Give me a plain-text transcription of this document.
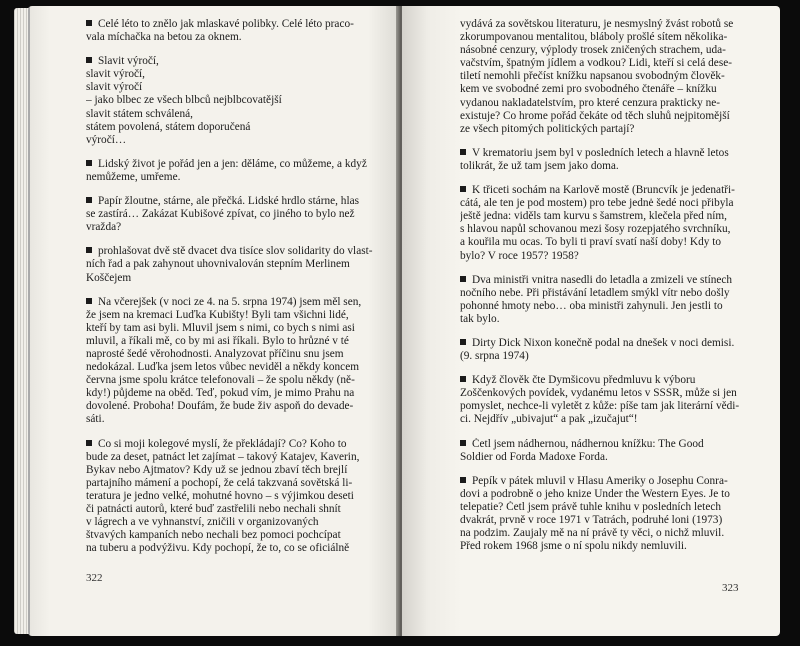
Celé léto to znělo jak mlaskavé polibky. Celé léto praco-
vala míchačka na betou za oknem.
Slavit výročí,
slavit výročí,
slavit výročí
– jako blbec ze všech blbců nejblbcovatější
slavit státem schválená,
státem povolená, státem doporučená
výročí…
Lidský život je pořád jen a jen: děláme, co můžeme, a když
nemůžeme, umřeme.
Papír žloutne, stárne, ale přečká. Lidské hrdlo stárne, hlas
se zastírá… Zakázat Kubišové zpívat, co jiného to bylo než
vražda?
prohlašovat dvě stě dvacet dva tisíce slov solidarity do vlast-
ních řad a pak zahynout uhovnivalován stepním Merlinem
Koščejem
Na včerejšek (v noci ze 4. na 5. srpna 1974) jsem měl sen,
že jsem na kremaci Luďka Kubišty! Byli tam všichni lidé,
kteří by tam asi byli. Mluvil jsem s nimi, co bych s nimi asi
mluvil, a říkali mě, co by mi asi říkali. Bylo to hrůzné v té
naprosté šedé věrohodnosti. Analyzovat příčinu snu jsem
nedokázal. Luďka jsem letos vůbec neviděl a někdy koncem
června jsme spolu krátce telefonovali – že spolu někdy (ně-
kdy!) půjdeme na oběd. Teď, pokud vím, je mimo Prahu na
dovolené. Proboha! Doufám, že bude živ aspoň do devade-
sáti.
Co si moji kolegové myslí, že překládají? Co? Koho to
bude za deset, patnáct let zajímat – takový Katajev, Kaverin,
Bykav nebo Ajtmatov? Kdy už se jednou zbaví těch brejlí
partajního mámení a pochopí, že celá takzvaná sovětská li-
teratura je jedno velké, mohutné hovno – s výjimkou deseti
či patnácti autorů, které buď zastřelili nebo nechali shnít
v lágrech a ve vyhnanství, zničili v organizovaných
štvavých kampaních nebo nechali bez pomoci pochcípat
na tuberu a podvýživu. Kdy pochopí, že to, co se oficiálně
322
vydává za sovětskou literaturu, je nesmyslný žvást robotů se
zkorumpovanou mentalitou, bláboly prošlé sítem několika-
násobné cenzury, výplody trosek zničených strachem, uda-
vačstvím, špatným jídlem a vodkou? Lidi, kteří si celá dese-
tiletí nemohli přečíst knížku napsanou svobodným člověk-
kem ve svobodné zemi pro svobodného čtenáře – knížku
vydanou nakladatelstvím, pro které cenzura prakticky ne-
existuje? Co hrome pořád čekáte od těch sluhů nejpitomější
ze všech pitomých politických partají?
V krematoriu jsem byl v posledních letech a hlavně letos
tolikrát, že už tam jsem jako doma.
K třiceti sochám na Karlově mostě (Bruncvík je jedenatři-
cátá, ale ten je pod mostem) pro tebe jednė šedé noci přibyla
ještě jedna: viděls tam kurvu s šamstrem, klečela před ním,
s hlavou napůl schovanou mezi šosy rozepjatého svrchníku,
a kouřila mu ocas. To byli ti praví svatí naší doby! Kdy to
bylo? V roce 1957? 1958?
Dva ministři vnitra nasedli do letadla a zmizeli ve stínech
nočního nebe. Při přistávání letadlem smýkl vítr nebo došly
pohonné hmoty nebo… oba ministři zahynuli. Jen jestli to
tak bylo.
Dirty Dick Nixon konečně podal na dnešek v noci demisi.
(9. srpna 1974)
Když člověk čte Dymšicovu předmluvu k výboru
Zoščenkových povídek, vydanému letos v SSSR, může si jen
pomyslet, nechce-li vyletět z kůže: píše tam jak literární vědi-
ci. Nejdřív „ubivajut“ a pak „izučajut“!
Četl jsem nádhernou, nádhernou knížku: The Good
Soldier od Forda Madoxe Forda.
Pepík v pátek mluvil v Hlasu Ameriky o Josephu Conra-
dovi a podrobně o jeho knize Under the Western Eyes. Je to
telepatie? Četl jsem právě tuhle knihu v posledních letech
dvakrát, prvně v roce 1971 v Tatrách, podruhé loni (1973)
na podzim. Zaujaly mě na ní právě ty věci, o nichž mluvil.
Před rokem 1968 jsme o ní spolu nikdy nemluvili.
323
